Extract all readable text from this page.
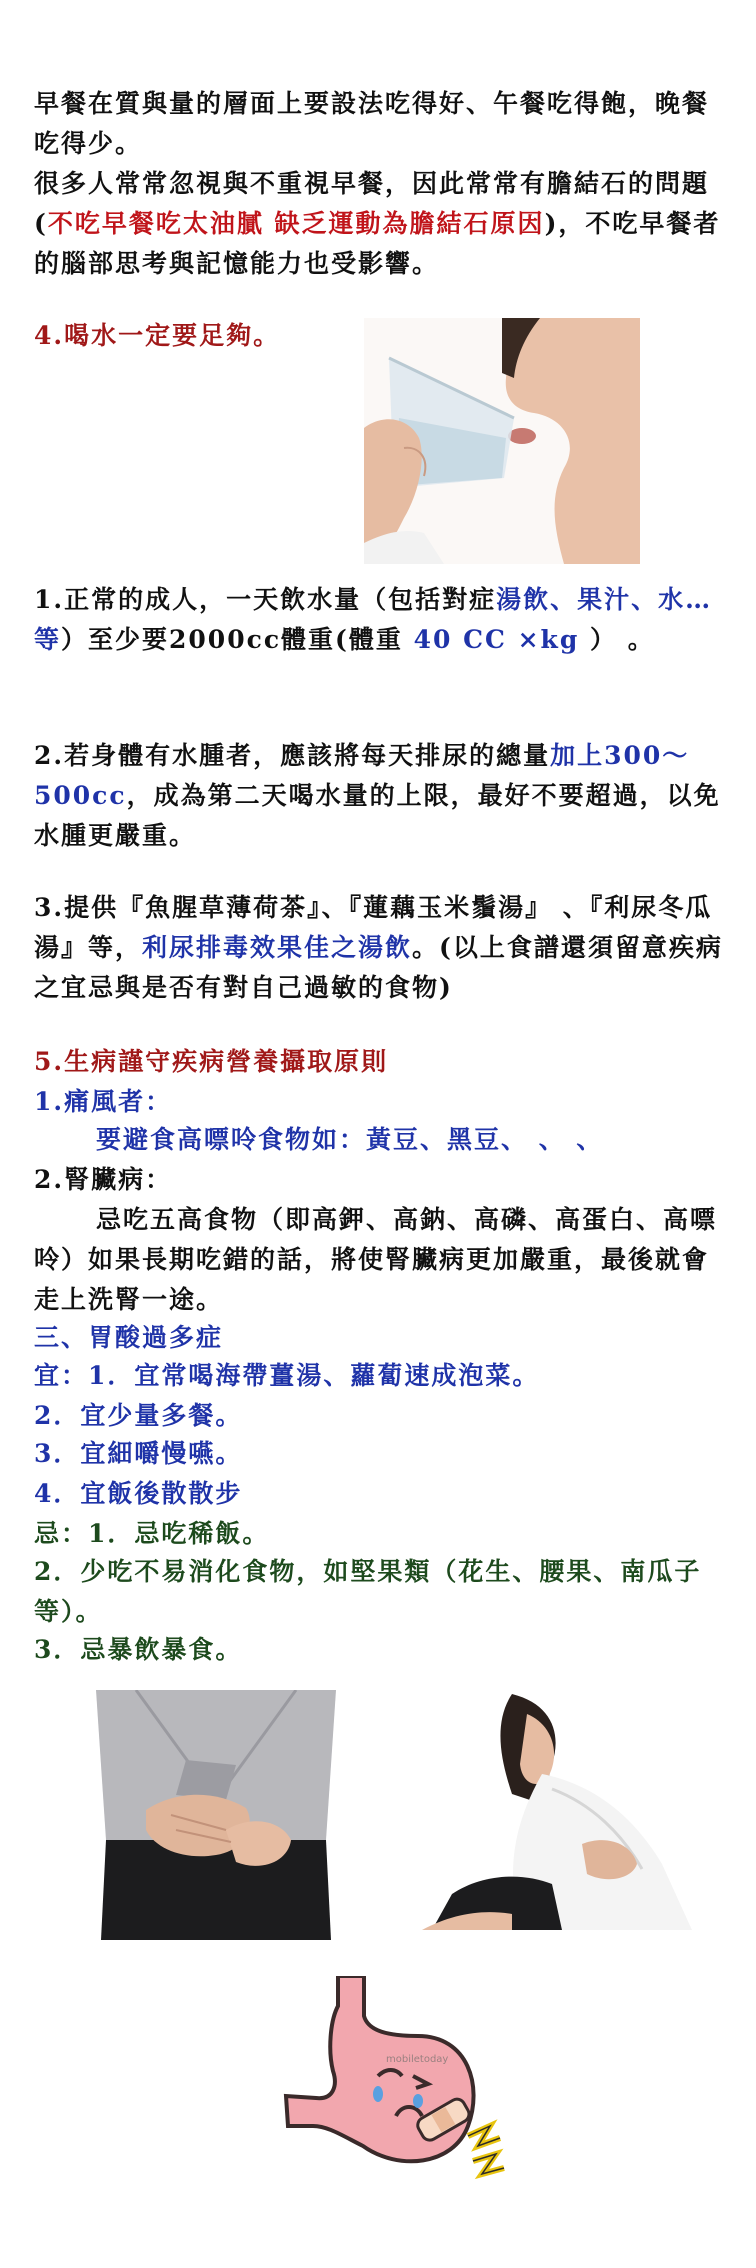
早餐在質與量的層面上要設法吃得好、午餐吃得飽，晚餐吃得少。
很多人常常忽視與不重視早餐，因此常常有膽結石的問題(不吃早餐吃太油膩 缺乏運動為膽結石原因)，不吃早餐者的腦部思考與記憶能力也受影響。
4.喝水一定要足夠。
1.正常的成人，一天飲水量（包括對症湯飲、果汁、水…等）至少要2000cc體重(體重 40 CC ×kg ） 。
2.若身體有水腫者，應該將每天排尿的總量加上300～500cc，成為第二天喝水量的上限，最好不要超過，以免水腫更嚴重。
3.提供『魚腥草薄荷茶』、『蓮藕玉米鬚湯』 、『利尿冬瓜湯』等，利尿排毒效果佳之湯飲。(以上食譜還須留意疾病之宜忌與是否有對自己過敏的食物)
5.生病謹守疾病營養攝取原則
1.痛風者：
要避食高嘌呤食物如：黃豆、黑豆、 、 、
2.腎臟病：
忌吃五高食物（即高鉀、高鈉、高磷、高蛋白、高嘌呤）如果長期吃錯的話，將使腎臟病更加嚴重，最後就會走上洗腎一途。
三、胃酸過多症
宜：1．宜常喝海帶薑湯、蘿蔔速成泡菜。
2．宜少量多餐。
3．宜細嚼慢嚥。
4．宜飯後散散步
忌：1．忌吃稀飯。
2．少吃不易消化食物，如堅果類（花生、腰果、南瓜子等）。
3．忌暴飲暴食。
mobiletoday
